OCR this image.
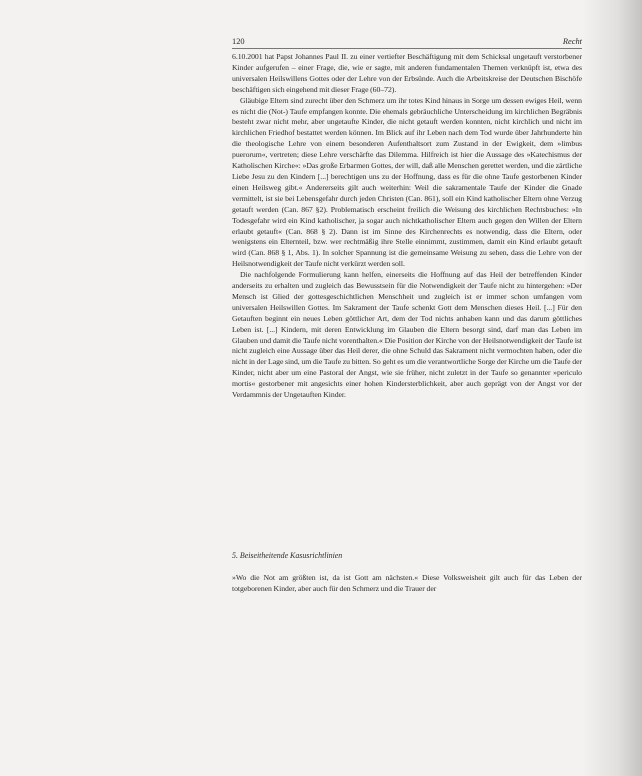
120	Recht

6.10.2001 hat Papst Johannes Paul II. zu einer vertiefter Beschäftigung mit dem Schicksal ungetauft verstorbener Kinder aufgerufen – einer Frage, die, wie er sagte, mit anderen fundamentalen Themen verknüpft ist, etwa des universalen Heilswillens Gottes oder der Lehre von der Erbsünde. Auch die Arbeitskreise der Deutschen Bischöfe beschäftigen sich eingehend mit dieser Frage (60–72).

Gläubige Eltern sind zurecht über den Schmerz um ihr totes Kind hinaus in Sorge um dessen ewiges Heil, wenn es nicht die (Not-) Taufe empfangen konnte. Die ehemals gebräuchliche Unterscheidung im kirchlichen Begräbnis besteht zwar nicht mehr, aber ungetaufte Kinder, die nicht getauft werden konnten, nicht kirchlich und nicht im kirchlichen Friedhof bestattet werden können. Im Blick auf ihr Leben nach dem Tod wurde über Jahrhunderte hin die theologische Lehre von einem besonderen Aufenthaltsort zum Zustand in der Ewigkeit, dem »limbus puerorum«, vertreten; diese Lehre verschärfte das Dilemma. Hilfreich ist hier die Aussage des »Katechismus der Katholischen Kirche«: »Das große Erbarmen Gottes, der will, daß alle Menschen gerettet werden, und die zärtliche Liebe Jesu zu den Kindern [...] berechtigen uns zu der Hoffnung, dass es für die ohne Taufe gestorbenen Kinder einen Heilsweg gibt.« Andererseits gilt auch weiterhin: Weil die sakramentale Taufe der Kinder die Gnade vermittelt, ist sie bei Lebensgefahr durch jeden Christen (Can. 861), soll ein Kind katholischer Eltern ohne Verzug getauft werden (Can. 867 §2). Problematisch erscheint freilich die Weisung des kirchlichen Rechtsbuches: »In Todesgefahr wird ein Kind katholischer, ja sogar auch nichtkatholischer Eltern auch gegen den Willen der Eltern erlaubt getauft« (Can. 868 § 2). Dann ist im Sinne des Kirchenrechts es notwendig, dass die Eltern, oder wenigstens ein Elternteil, bzw. wer rechtmäßig ihre Stelle einnimmt, zustimmen, damit ein Kind erlaubt getauft wird (Can. 868 § 1, Abs. 1). In solcher Spannung ist die gemeinsame Weisung zu sehen, dass die Lehre von der Heilsnotwendigkeit der Taufe nicht verkürzt werden soll.

Die nachfolgende Formulierung kann helfen, einerseits die Hoffnung auf das Heil der betreffenden Kinder anderseits zu erhalten und zugleich das Bewusstsein für die Notwendigkeit der Taufe nicht zu hintergehen: »Der Mensch ist Glied der gottesgeschichtlichen Menschheit und zugleich ist er immer schon umfangen vom universalen Heilswillen Gottes. Im Sakrament der Taufe schenkt Gott dem Menschen dieses Heil. [...] Für den Getauften beginnt ein neues Leben göttlicher Art, dem der Tod nichts anhaben kann und das darum göttliches Leben ist. [...] Kindern, mit deren Entwicklung im Glauben die Eltern besorgt sind, darf man das Leben im Glauben und damit die Taufe nicht vorenthalten.« Die Position der Kirche von der Heilsnotwendigkeit der Taufe ist nicht zugleich eine Aussage über das Heil derer, die ohne Schuld das Sakrament nicht vermochten haben, oder die nicht in der Lage sind, um die Taufe zu bitten. So geht es um die verantwortliche Sorge der Kirche um die Taufe der Kinder, nicht aber um eine Pastoral der Angst, wie sie früher, nicht zuletzt in der Taufe so genannter »periculo mortis« gestorbener mit angesichts einer hohen Kindersterblichkeit, aber auch geprägt von der Angst vor der Verdammnis der Ungetauften Kinder.

5. Beiseitheitende Kasusrichtlinien

»Wo die Not am größten ist, da ist Gott am nächsten.« Diese Volksweisheit gilt auch für das Leben der totgeborenen Kinder, aber auch für den Schmerz und die Trauer der
